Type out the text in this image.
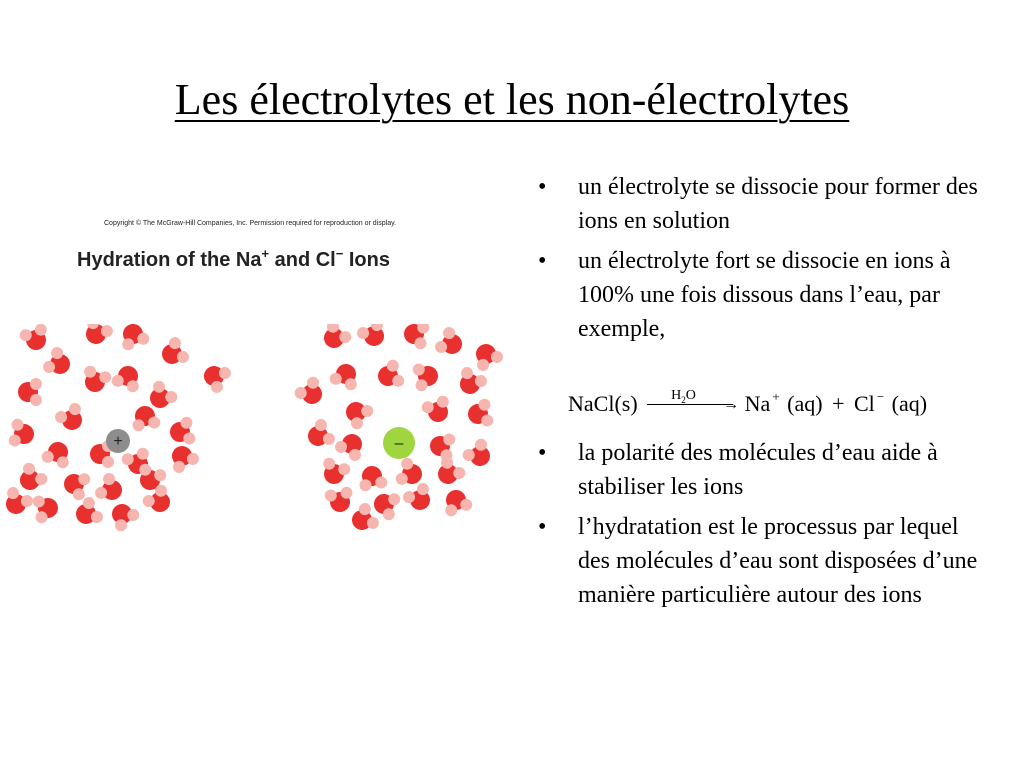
Les électrolytes et les non-électrolytes
Copyright © The McGraw-Hill Companies, Inc. Permission required for reproduction or display.
Hydration of the Na+ and Cl− Ions
+	–
• un électrolyte se dissocie pour former des ions en solution
• un électrolyte fort se dissocie en ions à 100% une fois dissous dans l’eau, par exemple,
NaCl(s) $H_2O$
→ Na + (aq) + Cl − (aq)
• la polarité des molécules d’eau aide à stabiliser les ions
• l’hydratation est le processus par lequel des molécules d’eau sont disposées d’une manière particulière autour des ions
